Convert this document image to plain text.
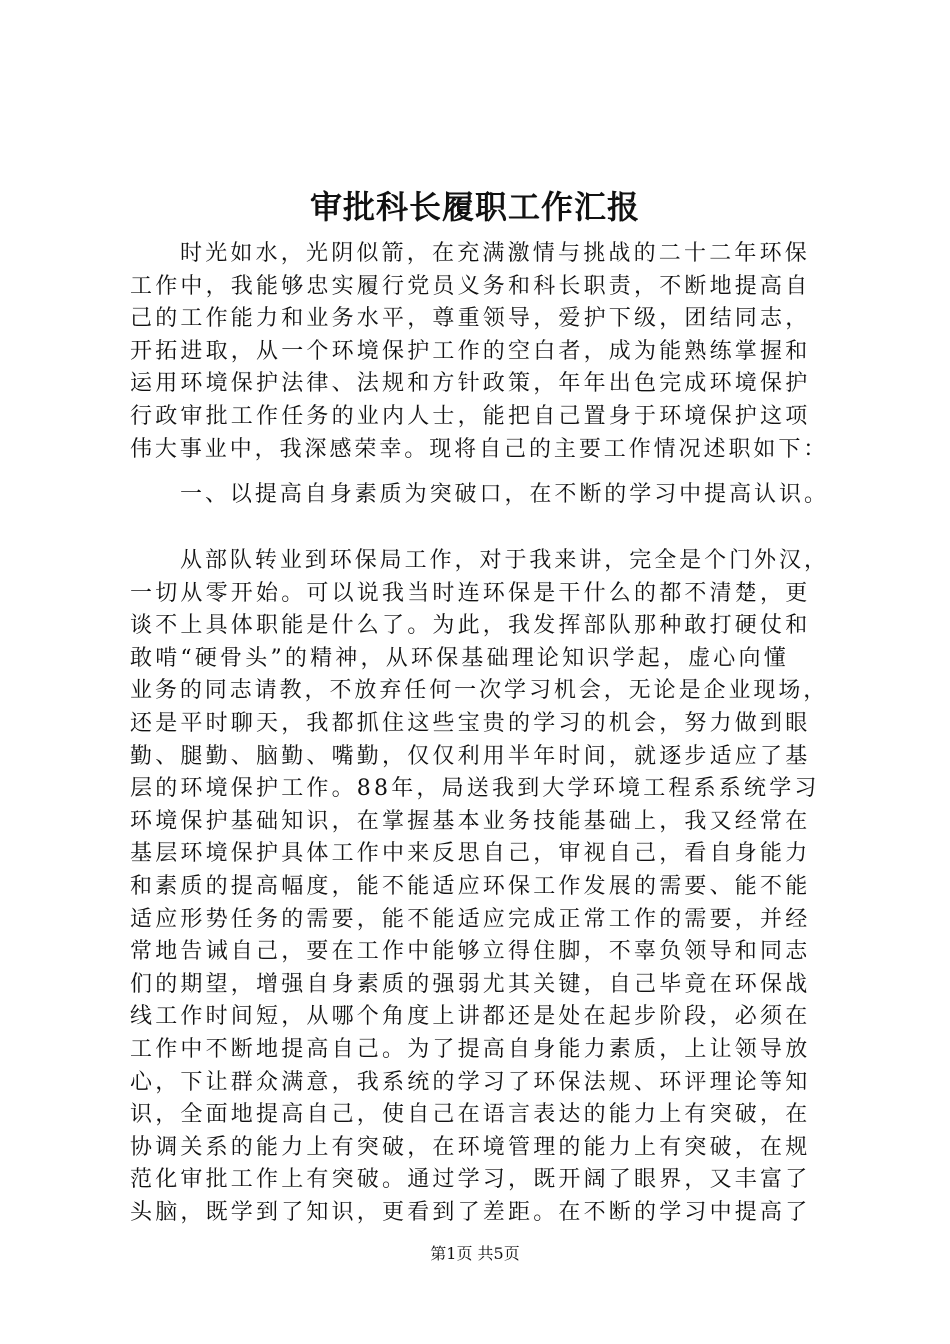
审批科长履职工作汇报
时光如水，光阴似箭，在充满激情与挑战的二十二年环保
工作中，我能够忠实履行党员义务和科长职责，不断地提高自
己的工作能力和业务水平，尊重领导，爱护下级，团结同志，
开拓进取，从一个环境保护工作的空白者，成为能熟练掌握和
运用环境保护法律、法规和方针政策，年年出色完成环境保护
行政审批工作任务的业内人士，能把自己置身于环境保护这项
伟大事业中，我深感荣幸。现将自己的主要工作情况述职如下：
一、以提高自身素质为突破口，在不断的学习中提高认识。
从部队转业到环保局工作，对于我来讲，完全是个门外汉，
一切从零开始。可以说我当时连环保是干什么的都不清楚，更
谈不上具体职能是什么了。为此，我发挥部队那种敢打硬仗和
敢啃“硬骨头”的精神，从环保基础理论知识学起，虚心向懂
业务的同志请教，不放弃任何一次学习机会，无论是企业现场，
还是平时聊天，我都抓住这些宝贵的学习的机会，努力做到眼
勤、腿勤、脑勤、嘴勤，仅仅利用半年时间，就逐步适应了基
层的环境保护工作。88年，局送我到大学环境工程系系统学习
环境保护基础知识，在掌握基本业务技能基础上，我又经常在
基层环境保护具体工作中来反思自己，审视自己，看自身能力
和素质的提高幅度，能不能适应环保工作发展的需要、能不能
适应形势任务的需要，能不能适应完成正常工作的需要，并经
常地告诫自己，要在工作中能够立得住脚，不辜负领导和同志
们的期望，增强自身素质的强弱尤其关键，自己毕竟在环保战
线工作时间短，从哪个角度上讲都还是处在起步阶段，必须在
工作中不断地提高自己。为了提高自身能力素质，上让领导放
心，下让群众满意，我系统的学习了环保法规、环评理论等知
识，全面地提高自己，使自己在语言表达的能力上有突破，在
协调关系的能力上有突破，在环境管理的能力上有突破，在规
范化审批工作上有突破。通过学习，既开阔了眼界，又丰富了
头脑，既学到了知识，更看到了差距。在不断的学习中提高了
第1页 共5页
